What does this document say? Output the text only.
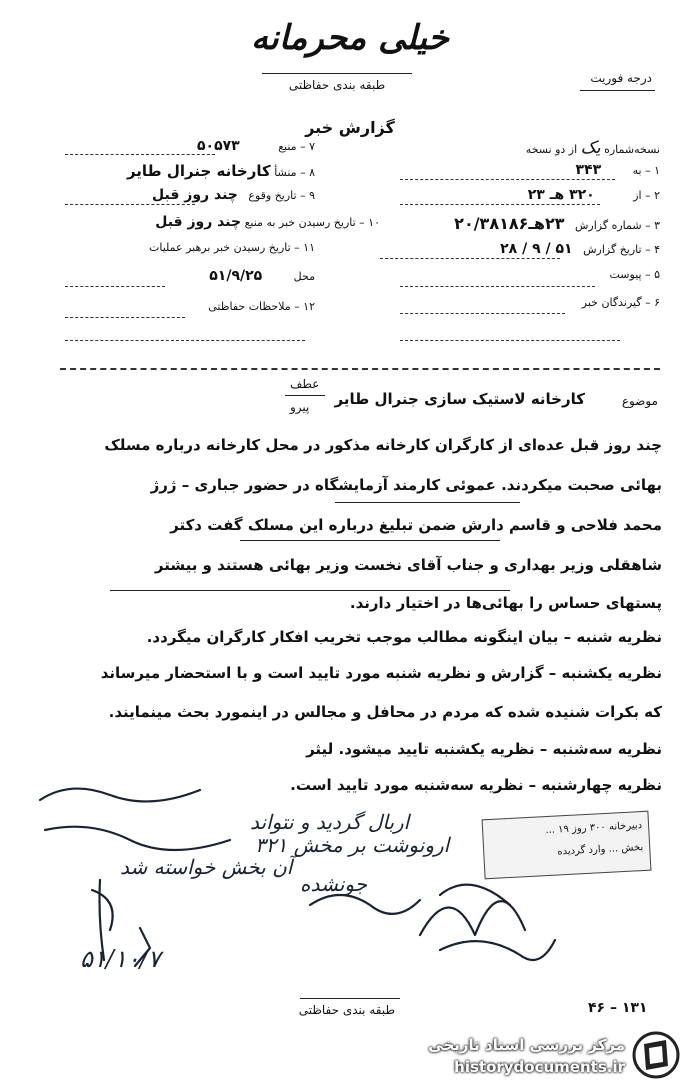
خیلی محرمانه
طبقه بندی حفاظتی	درجه فوریت
گزارش خبر
نسخه‌شماره یک از دو نسخه
۱ – به         ۳۴۳
۲ – از           ۳۲۰ هـ ۲۳
۳ – شماره گزارش   ۲۳هـ۲۰/۳۸۱۸۶
۴ – تاریخ گزارش   ۵۱ / ۹ / ۲۸
۵ – پیوست
۶ – گیرندگان خبر
۷ – منبع           ۵۰۵۷۳
۸ – منشأ کارخانه جنرال طایر
۹ – تاریخ وقوع   چند روز قبل
۱۰ – تاریخ رسیدن خبر به منبع چند روز قبل
۱۱ – تاریخ رسیدن خبر برهبر عملیات
محل         ۵۱/۹/۲۵
۱۲ – ملاحظات حفاظتی
موضوع
کارخانه لاستیک سازی جنرال طایر
عطف
پیرو
چند روز قبل عده‌ای از کارگران کارخانه مذکور در محل کارخانه درباره مسلک
بهائی صحبت میکردند. عموئی کارمند آزمایشگاه در حضور جباری – ژرژ
محمد فلاحی و قاسم دارش ضمن تبلیغ درباره این مسلک گفت دکتر
شاهقلی وزیر بهداری و جناب آقای نخست وزیر بهائی هستند و بیشتر
پستهای حساس را بهائی‌ها در اختیار دارند.
نظریه شنبه – بیان اینگونه مطالب موجب تخریب افکار کارگران میگردد.
نظریه یکشنبه – گزارش و نظریه شنبه مورد تایید است و با استحضار میرساند
که بکرات شنیده شده که مردم در محافل و مجالس در اینمورد بحث مینمایند.
نظریه سه‌شنبه – نظریه یکشنبه تایید میشود. لیثر
نظریه چهارشنبه – نظریه سه‌شنبه مورد تایید است.
اربال گردید و نتواند
ارونوشت بر مخش ۳۲۱
آن بخش خواسته شد
جونشده
۵۱/۱۰/۷
دبیرخانه ۳۰۰ روز ۱۹ ...
بخش ... وارد گردیده
طبقه بندی حفاظتی	۴۶ – ۱۳۱
مرکز بررسی اسناد تاریخی
historydocuments.ir
